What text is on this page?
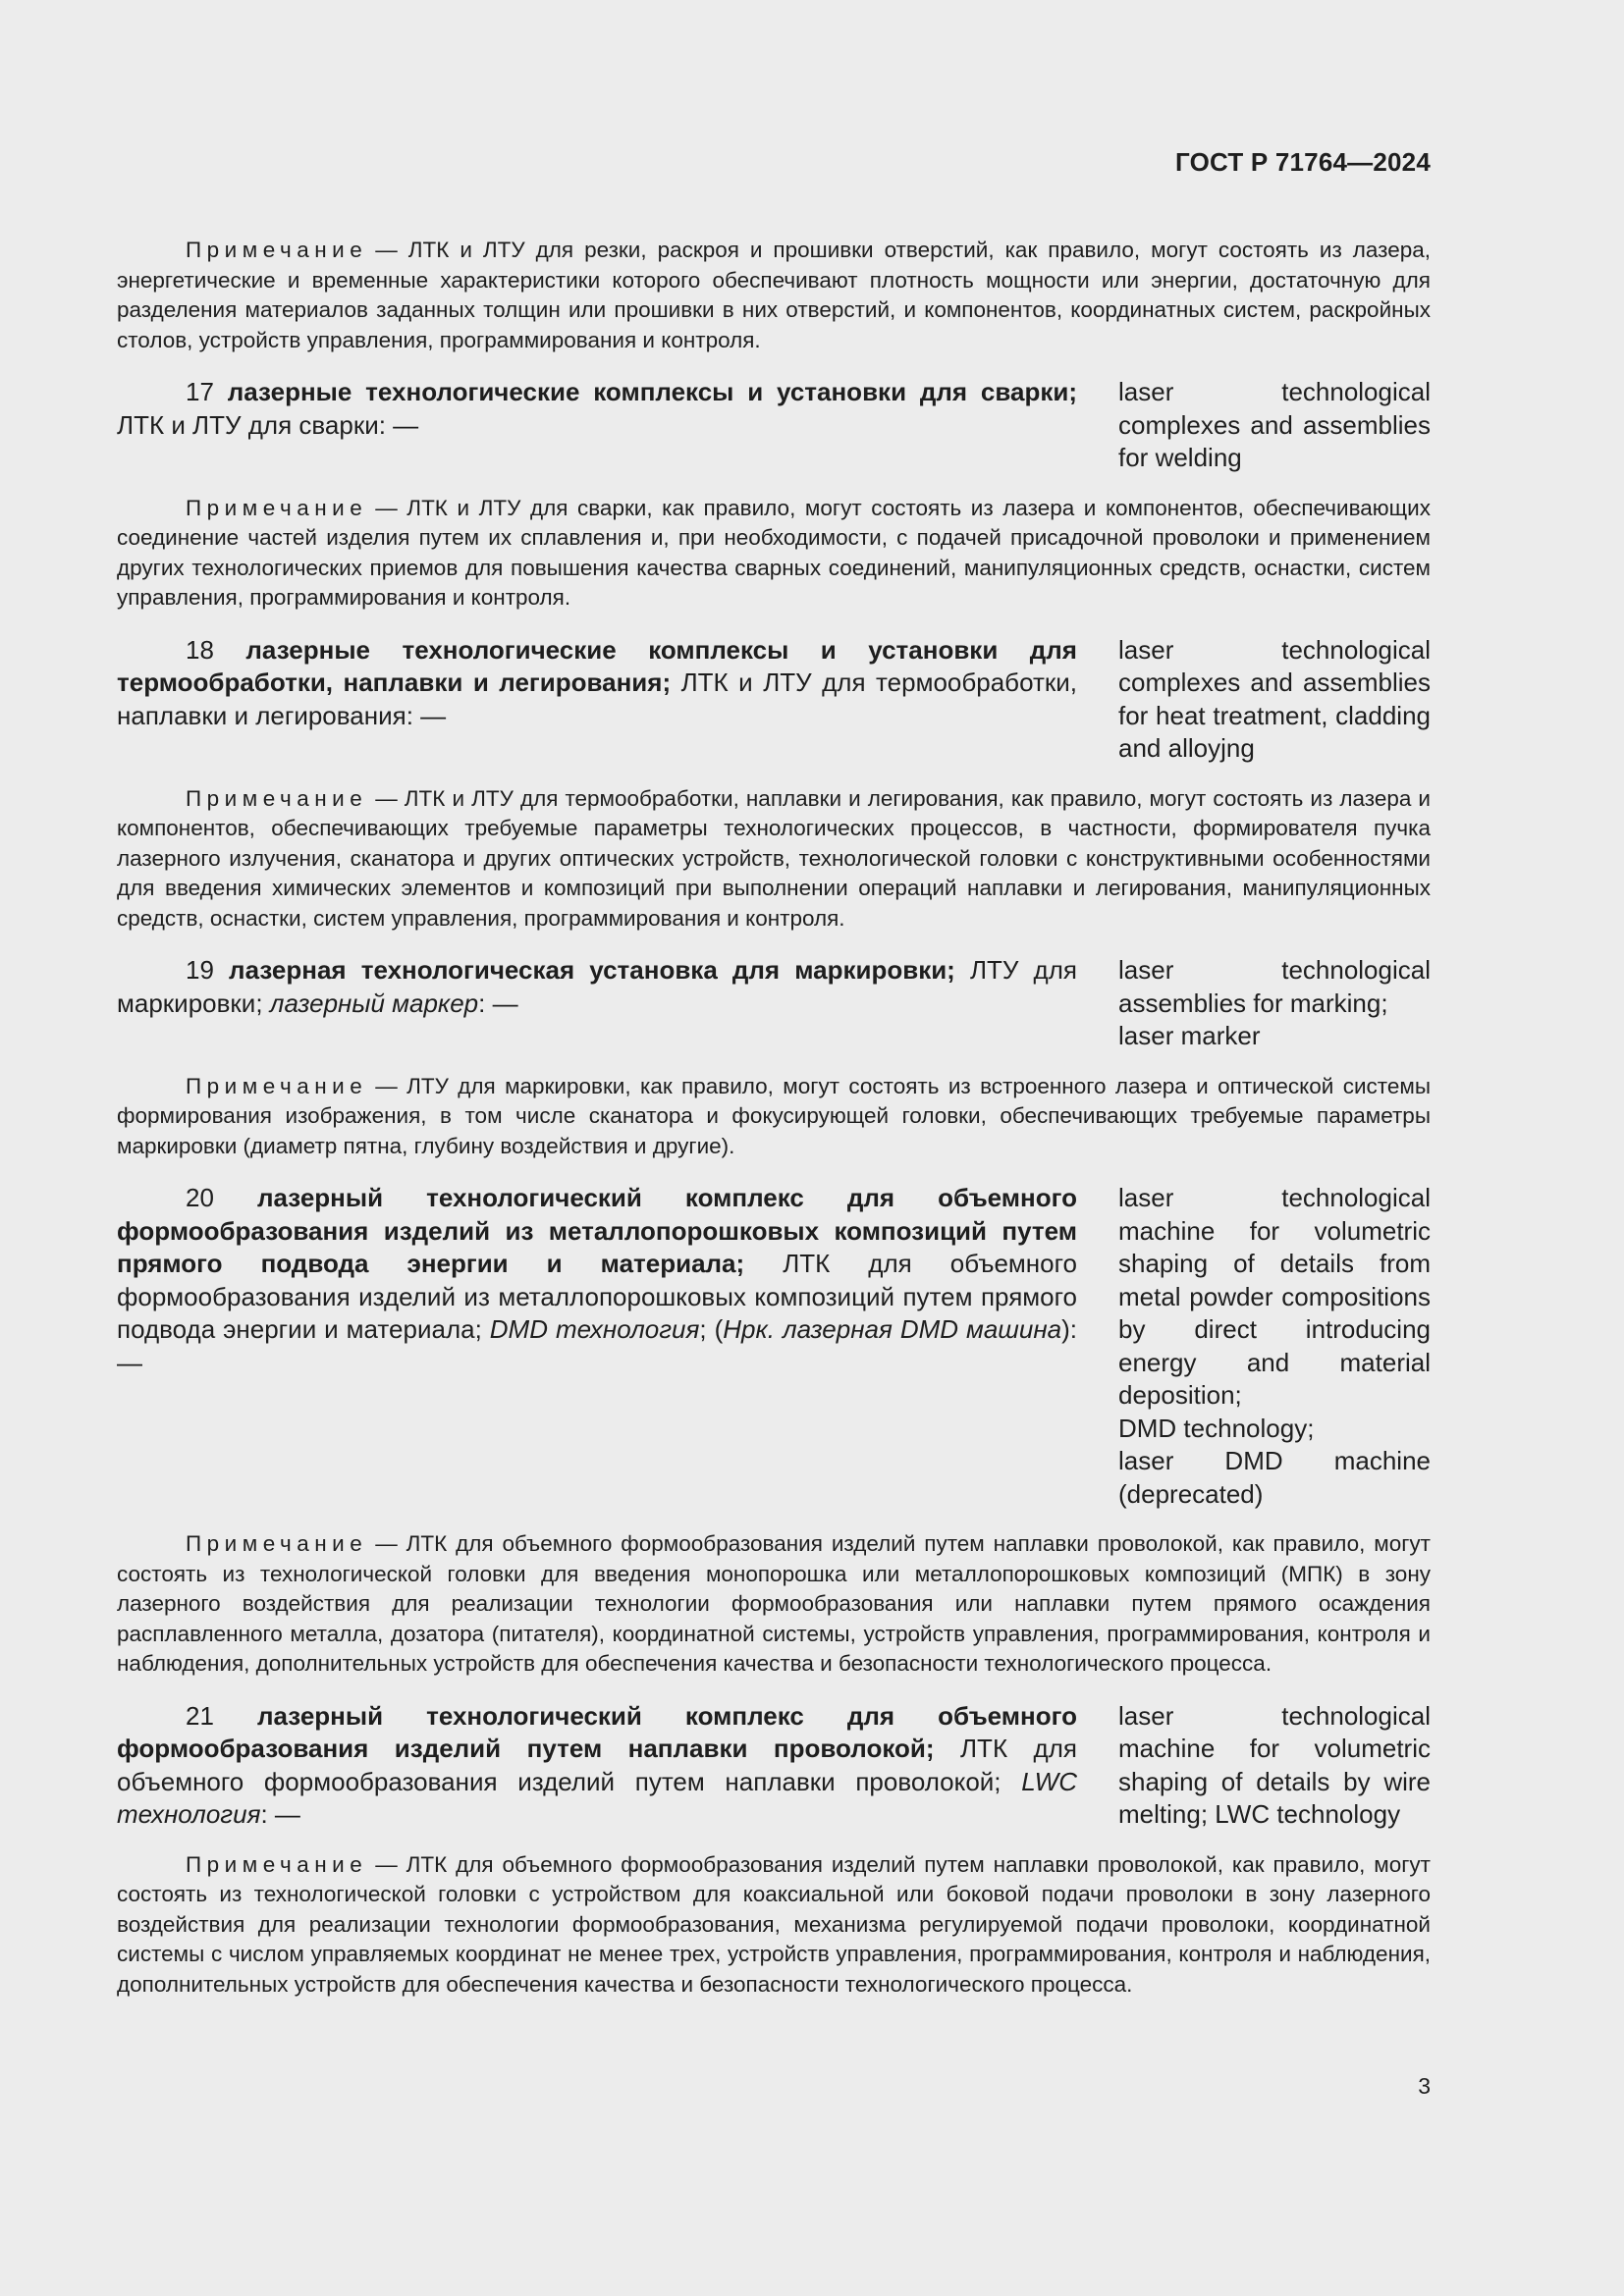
ГОСТ Р 71764—2024

Примечание — ЛТК и ЛТУ для резки, раскроя и прошивки отверстий, как правило, могут состоять из лазера, энергетические и временные характеристики которого обеспечивают плотность мощности или энергии, достаточную для разделения материалов заданных толщин или прошивки в них отверстий, и компонентов, координатных систем, раскройных столов, устройств управления, программирования и контроля.

17 лазерные технологические комплексы и установки для сварки; ЛТК и ЛТУ для сварки: —
laser technological complexes and assemblies for welding

Примечание — ЛТК и ЛТУ для сварки, как правило, могут состоять из лазера и компонентов, обеспечивающих соединение частей изделия путем их сплавления и, при необходимости, с подачей присадочной проволоки и применением других технологических приемов для повышения качества сварных соединений, манипуляционных средств, оснастки, систем управления, программирования и контроля.

18 лазерные технологические комплексы и установки для термообработки, наплавки и легирования; ЛТК и ЛТУ для термообработки, наплавки и легирования: —
laser technological complexes and assemblies for heat treatment, cladding and alloyjng

Примечание — ЛТК и ЛТУ для термообработки, наплавки и легирования, как правило, могут состоять из лазера и компонентов, обеспечивающих требуемые параметры технологических процессов, в частности, формирователя пучка лазерного излучения, сканатора и других оптических устройств, технологической головки с конструктивными особенностями для введения химических элементов и композиций при выполнении операций наплавки и легирования, манипуляционных средств, оснастки, систем управления, программирования и контроля.

19 лазерная технологическая установка для маркировки; ЛТУ для маркировки; лазерный маркер: —
laser technological assemblies for marking;
laser marker

Примечание — ЛТУ для маркировки, как правило, могут состоять из встроенного лазера и оптической системы формирования изображения, в том числе сканатора и фокусирующей головки, обеспечивающих требуемые параметры маркировки (диаметр пятна, глубину воздействия и другие).

20 лазерный технологический комплекс для объемного формообразования изделий из металлопорошковых композиций путем прямого подвода энергии и материала; ЛТК для объемного формообразования изделий из металлопорошковых композиций путем прямого подвода энергии и материала; DMD технология; (Нрк. лазерная DMD машина): —
laser technological machine for volumetric shaping of details from metal powder compositions by direct introducing energy and material deposition;
DMD technology;
laser DMD machine (deprecated)

Примечание — ЛТК для объемного формообразования изделий путем наплавки проволокой, как правило, могут состоять из технологической головки для введения монопорошка или металлопорошковых композиций (МПК) в зону лазерного воздействия для реализации технологии формообразования или наплавки путем прямого осаждения расплавленного металла, дозатора (питателя), координатной системы, устройств управления, программирования, контроля и наблюдения, дополнительных устройств для обеспечения качества и безопасности технологического процесса.

21 лазерный технологический комплекс для объемного формообразования изделий путем наплавки проволокой; ЛТК для объемного формообразования изделий путем наплавки проволокой; LWC технология: —
laser technological machine for volumetric shaping of details by wire melting; LWC technology

Примечание — ЛТК для объемного формообразования изделий путем наплавки проволокой, как правило, могут состоять из технологической головки с устройством для коаксиальной или боковой подачи проволоки в зону лазерного воздействия для реализации технологии формообразования, механизма регулируемой подачи проволоки, координатной системы с числом управляемых координат не менее трех, устройств управления, программирования, контроля и наблюдения, дополнительных устройств для обеспечения качества и безопасности технологического процесса.

3
